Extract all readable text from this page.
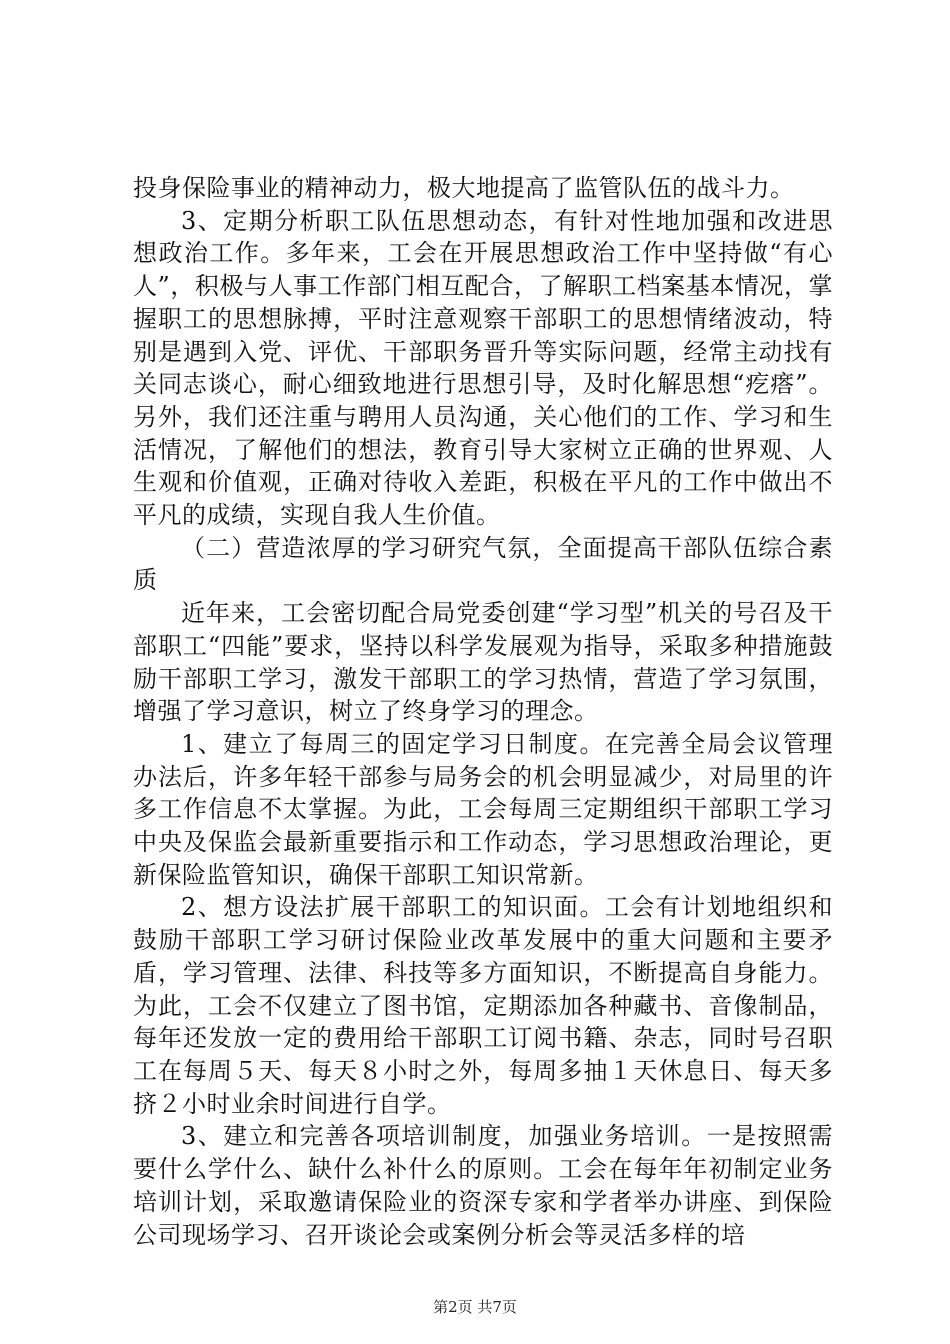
投身保险事业的精神动力，极大地提高了监管队伍的战斗力。

3、定期分析职工队伍思想动态，有针对性地加强和改进思想政治工作。多年来，工会在开展思想政治工作中坚持做“有心人”，积极与人事工作部门相互配合，了解职工档案基本情况，掌握职工的思想脉搏，平时注意观察干部职工的思想情绪波动，特别是遇到入党、评优、干部职务晋升等实际问题，经常主动找有关同志谈心，耐心细致地进行思想引导，及时化解思想“疙瘩”。另外，我们还注重与聘用人员沟通，关心他们的工作、学习和生活情况，了解他们的想法，教育引导大家树立正确的世界观、人生观和价值观，正确对待收入差距，积极在平凡的工作中做出不平凡的成绩，实现自我人生价值。

（二）营造浓厚的学习研究气氛，全面提高干部队伍综合素质

近年来，工会密切配合局党委创建“学习型”机关的号召及干部职工“四能”要求，坚持以科学发展观为指导，采取多种措施鼓励干部职工学习，激发干部职工的学习热情，营造了学习氛围，增强了学习意识，树立了终身学习的理念。

1、建立了每周三的固定学习日制度。在完善全局会议管理办法后，许多年轻干部参与局务会的机会明显减少，对局里的许多工作信息不太掌握。为此，工会每周三定期组织干部职工学习中央及保监会最新重要指示和工作动态，学习思想政治理论，更新保险监管知识，确保干部职工知识常新。

2、想方设法扩展干部职工的知识面。工会有计划地组织和鼓励干部职工学习研讨保险业改革发展中的重大问题和主要矛盾，学习管理、法律、科技等多方面知识，不断提高自身能力。为此，工会不仅建立了图书馆，定期添加各种藏书、音像制品，每年还发放一定的费用给干部职工订阅书籍、杂志，同时号召职工在每周５天、每天８小时之外，每周多抽１天休息日、每天多挤２小时业余时间进行自学。

3、建立和完善各项培训制度，加强业务培训。一是按照需要什么学什么、缺什么补什么的原则。工会在每年年初制定业务培训计划，采取邀请保险业的资深专家和学者举办讲座、到保险公司现场学习、召开谈论会或案例分析会等灵活多样的培

第2页 共7页
